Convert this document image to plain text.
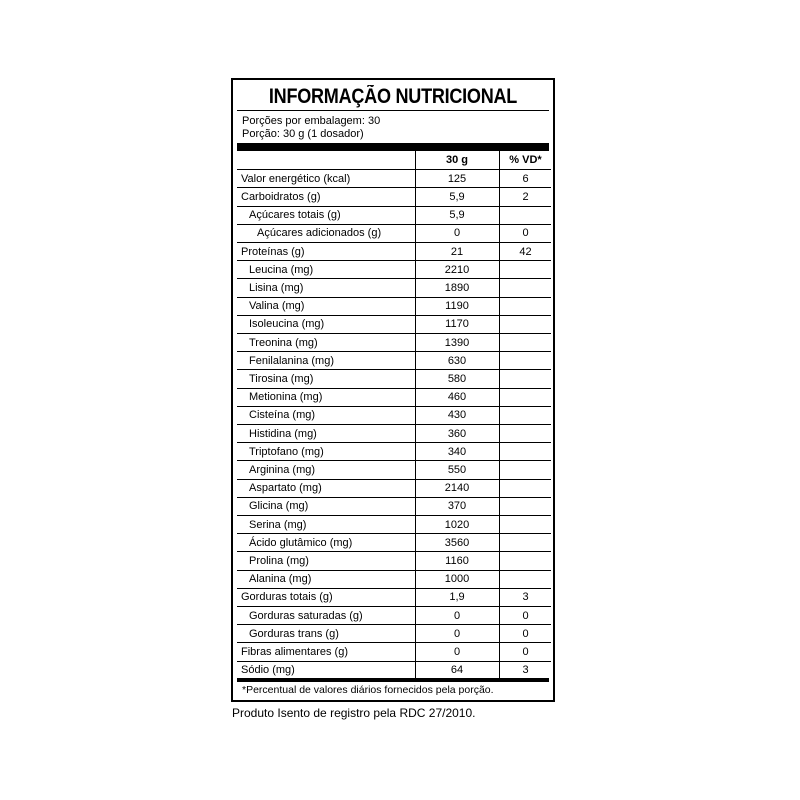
INFORMAÇÃO NUTRICIONAL
Porções por embalagem: 30
Porção: 30 g (1 dosador)
30 g	% VD*
Valor energético (kcal)	125	6
Carboidratos (g)	5,9	2
Açúcares totais (g)	5,9
Açúcares adicionados (g)	0	0
Proteínas (g)	21	42
Leucina (mg)	2210
Lisina (mg)	1890
Valina (mg)	1190
Isoleucina (mg)	1170
Treonina (mg)	1390
Fenilalanina (mg)	630
Tirosina (mg)	580
Metionina (mg)	460
Cisteína (mg)	430
Histidina (mg)	360
Triptofano (mg)	340
Arginina (mg)	550
Aspartato (mg)	2140
Glicina (mg)	370
Serina (mg)	1020
Ácido glutâmico (mg)	3560
Prolina (mg)	1160
Alanina (mg)	1000
Gorduras totais (g)	1,9	3
Gorduras saturadas (g)	0	0
Gorduras trans (g)	0	0
Fibras alimentares (g)	0	0
Sódio (mg)	64	3
*Percentual de valores diários fornecidos pela porção.
Produto Isento de registro pela RDC 27/2010.
